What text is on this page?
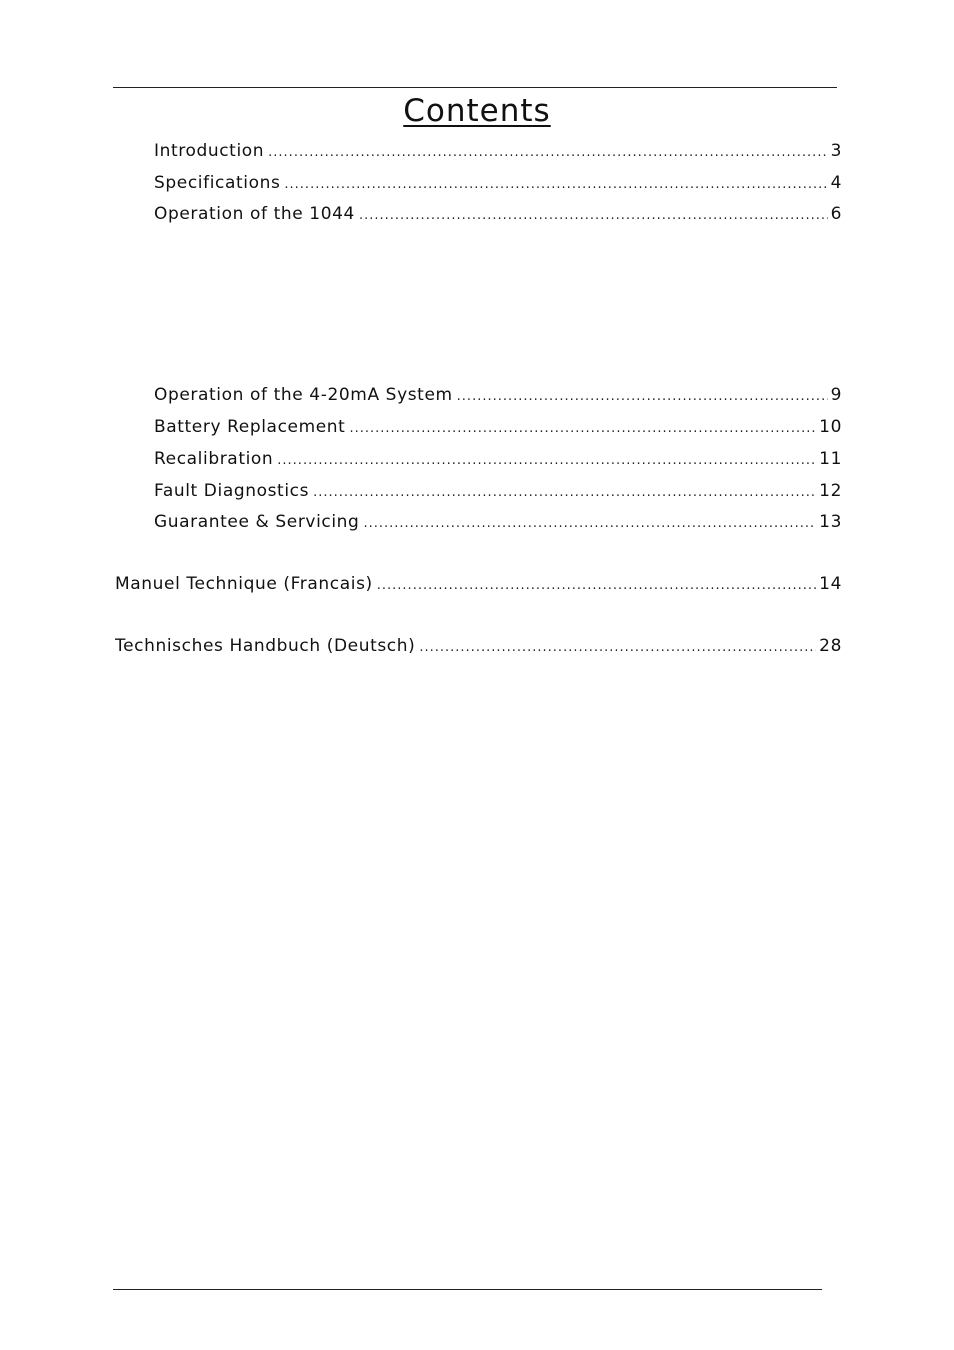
Contents
Introduction .....	3
Specifications .....	4
Operation of the 1044 .....	6
Operation of the 4-20mA System .....	9
Battery Replacement .....	10
Recalibration .....	11
Fault Diagnostics .....	12
Guarantee & Servicing .....	13
Manuel Technique (Francais) .....	14
Technisches Handbuch (Deutsch) .....	28
